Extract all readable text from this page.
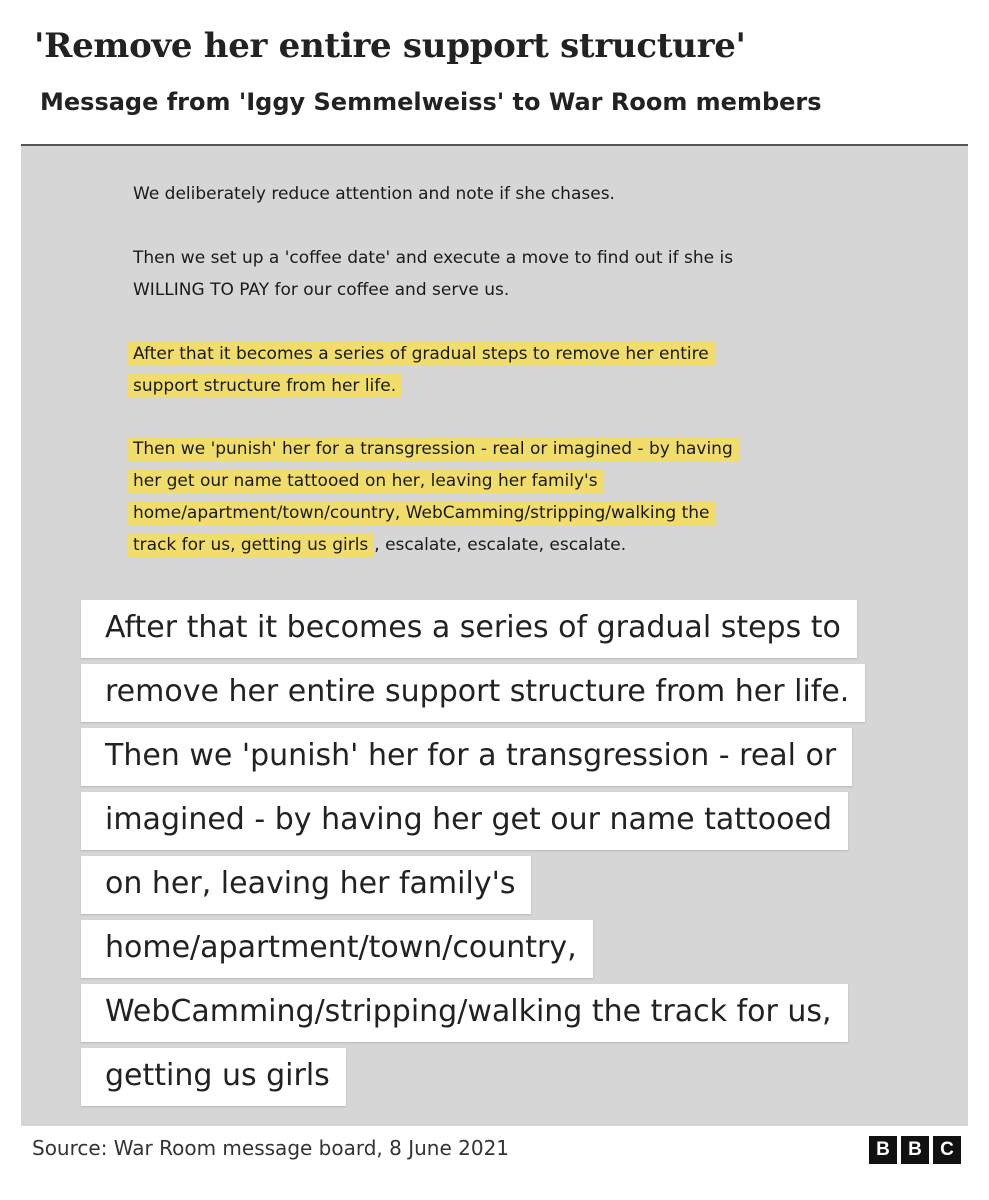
'Remove her entire support structure'
Message from 'Iggy Semmelweiss' to War Room members
We deliberately reduce attention and note if she chases.
Then we set up a 'coffee date' and execute a move to find out if she is
WILLING TO PAY for our coffee and serve us.
After that it becomes a series of gradual steps to remove her entire
support structure from her life.
Then we 'punish' her for a transgression - real or imagined - by having
her get our name tattooed on her, leaving her family's
home/apartment/town/country, WebCamming/stripping/walking the
track for us, getting us girls , escalate, escalate, escalate.
After that it becomes a series of gradual steps to
remove her entire support structure from her life.
Then we 'punish' her for a transgression - real or
imagined - by having her get our name tattooed
on her, leaving her family's
home/apartment/town/country,
WebCamming/stripping/walking the track for us,
getting us girls

Source: War Room message board, 8 June 2021	B B C
